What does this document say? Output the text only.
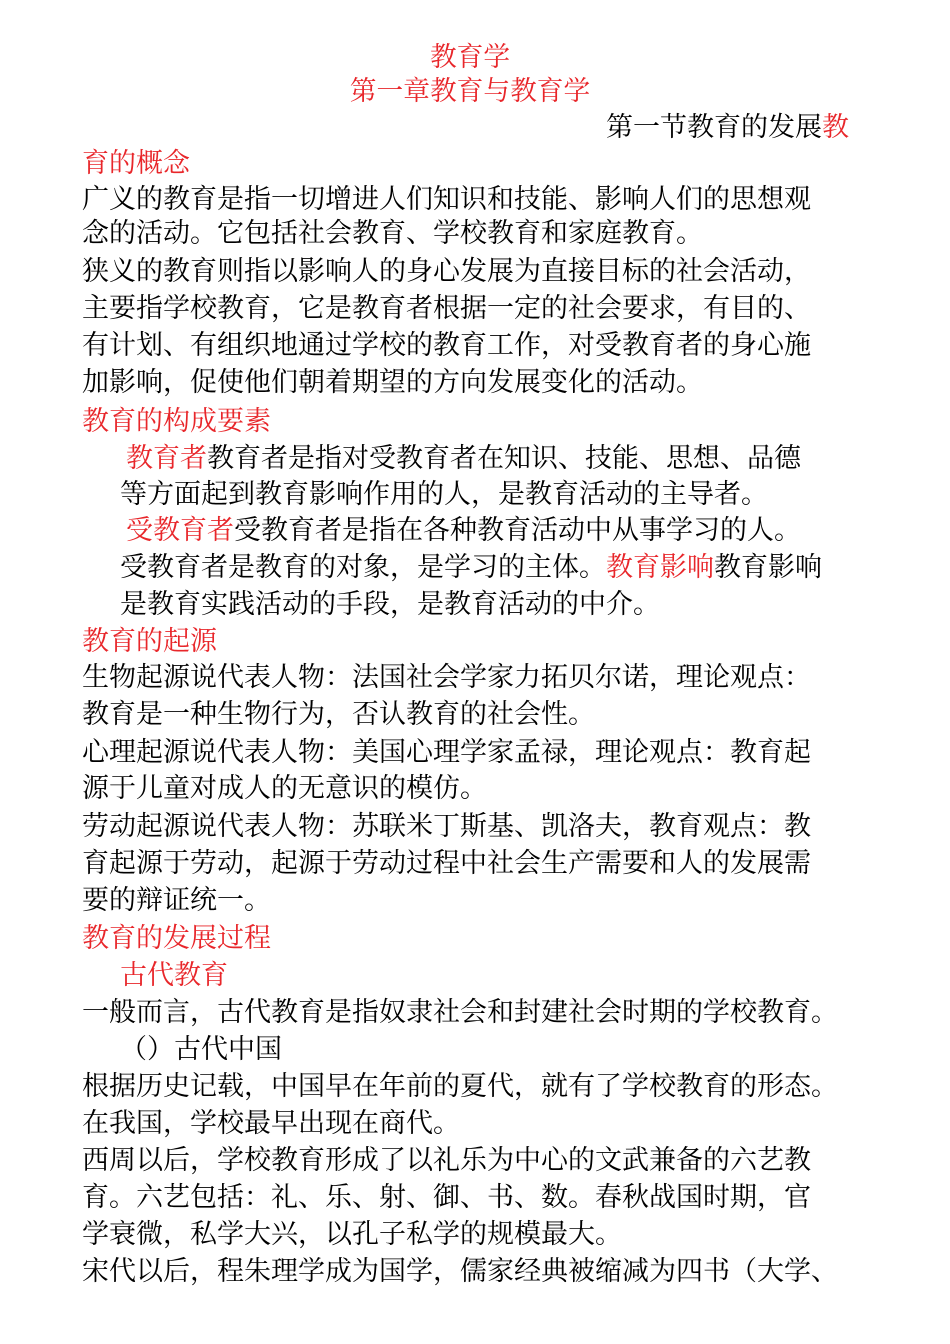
教育学
第一章教育与教育学
第一节教育的发展教
育的概念
广义的教育是指一切增进人们知识和技能、影响人们的思想观
念的活动。它包括社会教育、学校教育和家庭教育。
狭义的教育则指以影响人的身心发展为直接目标的社会活动，
主要指学校教育，它是教育者根据一定的社会要求，有目的、
有计划、有组织地通过学校的教育工作，对受教育者的身心施
加影响，促使他们朝着期望的方向发展变化的活动。
教育的构成要素
教育者教育者是指对受教育者在知识、技能、思想、品德
等方面起到教育影响作用的人，是教育活动的主导者。
受教育者受教育者是指在各种教育活动中从事学习的人。
受教育者是教育的对象，是学习的主体。教育影响教育影响
是教育实践活动的手段，是教育活动的中介。
教育的起源
生物起源说代表人物：法国社会学家力拓贝尔诺，理论观点：
教育是一种生物行为，否认教育的社会性。
心理起源说代表人物：美国心理学家孟禄，理论观点：教育起
源于儿童对成人的无意识的模仿。
劳动起源说代表人物：苏联米丁斯基、凯洛夫，教育观点：教
育起源于劳动，起源于劳动过程中社会生产需要和人的发展需
要的辩证统一。
教育的发展过程
古代教育
一般而言，古代教育是指奴隶社会和封建社会时期的学校教育。
（）古代中国
根据历史记载，中国早在年前的夏代，就有了学校教育的形态。
在我国，学校最早出现在商代。
西周以后，学校教育形成了以礼乐为中心的文武兼备的六艺教
育。六艺包括：礼、乐、射、御、书、数。春秋战国时期，官
学衰微，私学大兴，以孔子私学的规模最大。
宋代以后，程朱理学成为国学，儒家经典被缩减为四书（大学、
